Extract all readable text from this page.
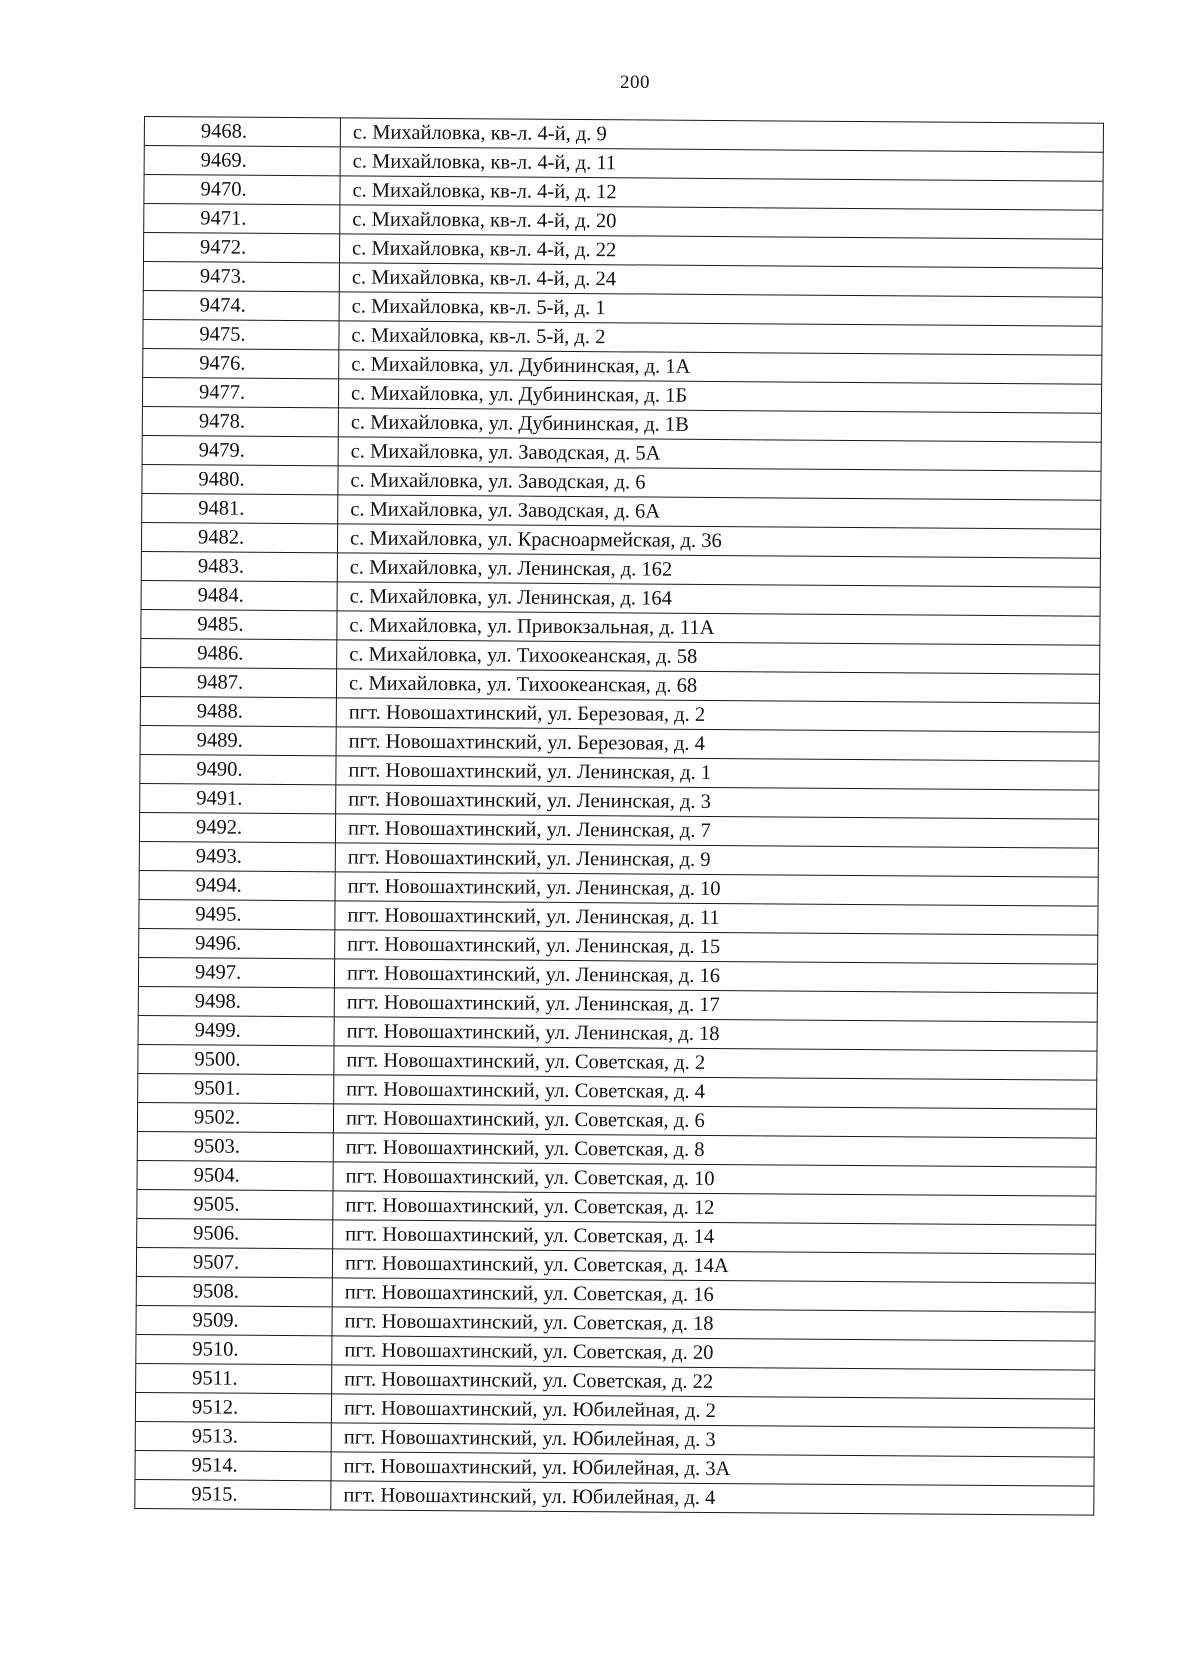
200
9468.	с. Михайловка, кв-л. 4-й, д. 9
9469.	с. Михайловка, кв-л. 4-й, д. 11
9470.	с. Михайловка, кв-л. 4-й, д. 12
9471.	с. Михайловка, кв-л. 4-й, д. 20
9472.	с. Михайловка, кв-л. 4-й, д. 22
9473.	с. Михайловка, кв-л. 4-й, д. 24
9474.	с. Михайловка, кв-л. 5-й, д. 1
9475.	с. Михайловка, кв-л. 5-й, д. 2
9476.	с. Михайловка, ул. Дубининская, д. 1А
9477.	с. Михайловка, ул. Дубининская, д. 1Б
9478.	с. Михайловка, ул. Дубининская, д. 1В
9479.	с. Михайловка, ул. Заводская, д. 5А
9480.	с. Михайловка, ул. Заводская, д. 6
9481.	с. Михайловка, ул. Заводская, д. 6А
9482.	с. Михайловка, ул. Красноармейская, д. 36
9483.	с. Михайловка, ул. Ленинская, д. 162
9484.	с. Михайловка, ул. Ленинская, д. 164
9485.	с. Михайловка, ул. Привокзальная, д. 11А
9486.	с. Михайловка, ул. Тихоокеанская, д. 58
9487.	с. Михайловка, ул. Тихоокеанская, д. 68
9488.	пгт. Новошахтинский, ул. Березовая, д. 2
9489.	пгт. Новошахтинский, ул. Березовая, д. 4
9490.	пгт. Новошахтинский, ул. Ленинская, д. 1
9491.	пгт. Новошахтинский, ул. Ленинская, д. 3
9492.	пгт. Новошахтинский, ул. Ленинская, д. 7
9493.	пгт. Новошахтинский, ул. Ленинская, д. 9
9494.	пгт. Новошахтинский, ул. Ленинская, д. 10
9495.	пгт. Новошахтинский, ул. Ленинская, д. 11
9496.	пгт. Новошахтинский, ул. Ленинская, д. 15
9497.	пгт. Новошахтинский, ул. Ленинская, д. 16
9498.	пгт. Новошахтинский, ул. Ленинская, д. 17
9499.	пгт. Новошахтинский, ул. Ленинская, д. 18
9500.	пгт. Новошахтинский, ул. Советская, д. 2
9501.	пгт. Новошахтинский, ул. Советская, д. 4
9502.	пгт. Новошахтинский, ул. Советская, д. 6
9503.	пгт. Новошахтинский, ул. Советская, д. 8
9504.	пгт. Новошахтинский, ул. Советская, д. 10
9505.	пгт. Новошахтинский, ул. Советская, д. 12
9506.	пгт. Новошахтинский, ул. Советская, д. 14
9507.	пгт. Новошахтинский, ул. Советская, д. 14А
9508.	пгт. Новошахтинский, ул. Советская, д. 16
9509.	пгт. Новошахтинский, ул. Советская, д. 18
9510.	пгт. Новошахтинский, ул. Советская, д. 20
9511.	пгт. Новошахтинский, ул. Советская, д. 22
9512.	пгт. Новошахтинский, ул. Юбилейная, д. 2
9513.	пгт. Новошахтинский, ул. Юбилейная, д. 3
9514.	пгт. Новошахтинский, ул. Юбилейная, д. 3А
9515.	пгт. Новошахтинский, ул. Юбилейная, д. 4
